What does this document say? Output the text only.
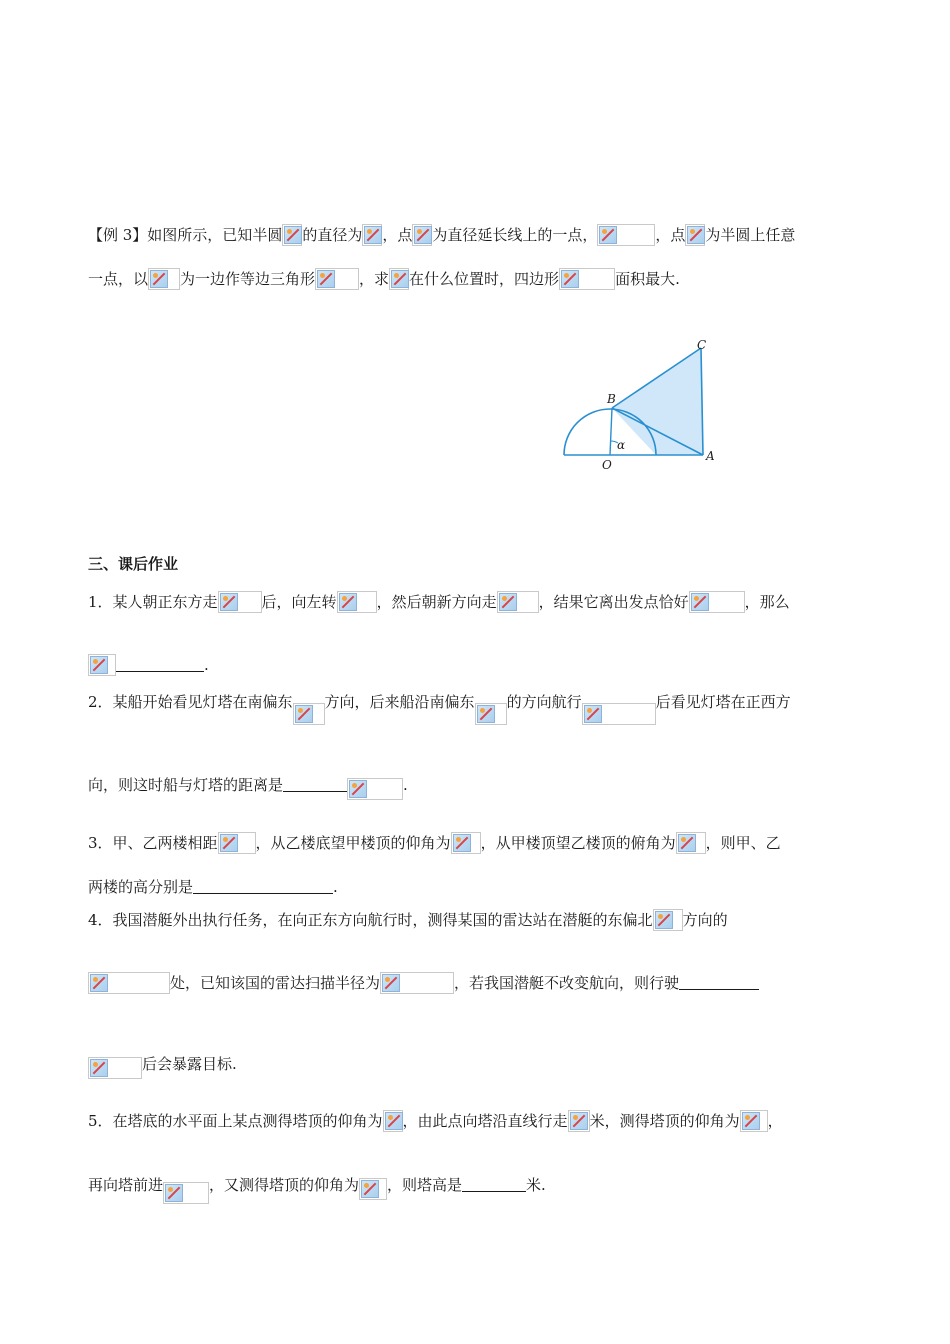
【例 3】如图所示，已知半圆 的直径为 ，点 为直径延长线上的一点，	，点 为半圆上任意
一点，以 为一边作等边三角形	，求 在什么位置时，四边形	面积最大.
C
B
O
A
α
三、课后作业
1．某人朝正东方走	后，向左转	，然后朝新方向走	，结果它离出发点恰好	，那么
.
2．某船开始看见灯塔在南偏东 方向，后来船沿南偏东 的方向航行	后看见灯塔在正西方
向，则这时船与灯塔的距离是	.
3．甲、乙两楼相距	，从乙楼底望甲楼顶的仰角为 ，从甲楼顶望乙楼顶的俯角为 ，则甲、乙
两楼的高分别是	.
4．我国潜艇外出执行任务，在向正东方向航行时，测得某国的雷达站在潜艇的东偏北 方向的
处，已知该国的雷达扫描半径为	，若我国潜艇不改变航向，则行驶
后会暴露目标.
5．在塔底的水平面上某点测得塔顶的仰角为 ，由此点向塔沿直线行走 米，测得塔顶的仰角为 ，
再向塔前进	，又测得塔顶的仰角为 ，则塔高是	米.
